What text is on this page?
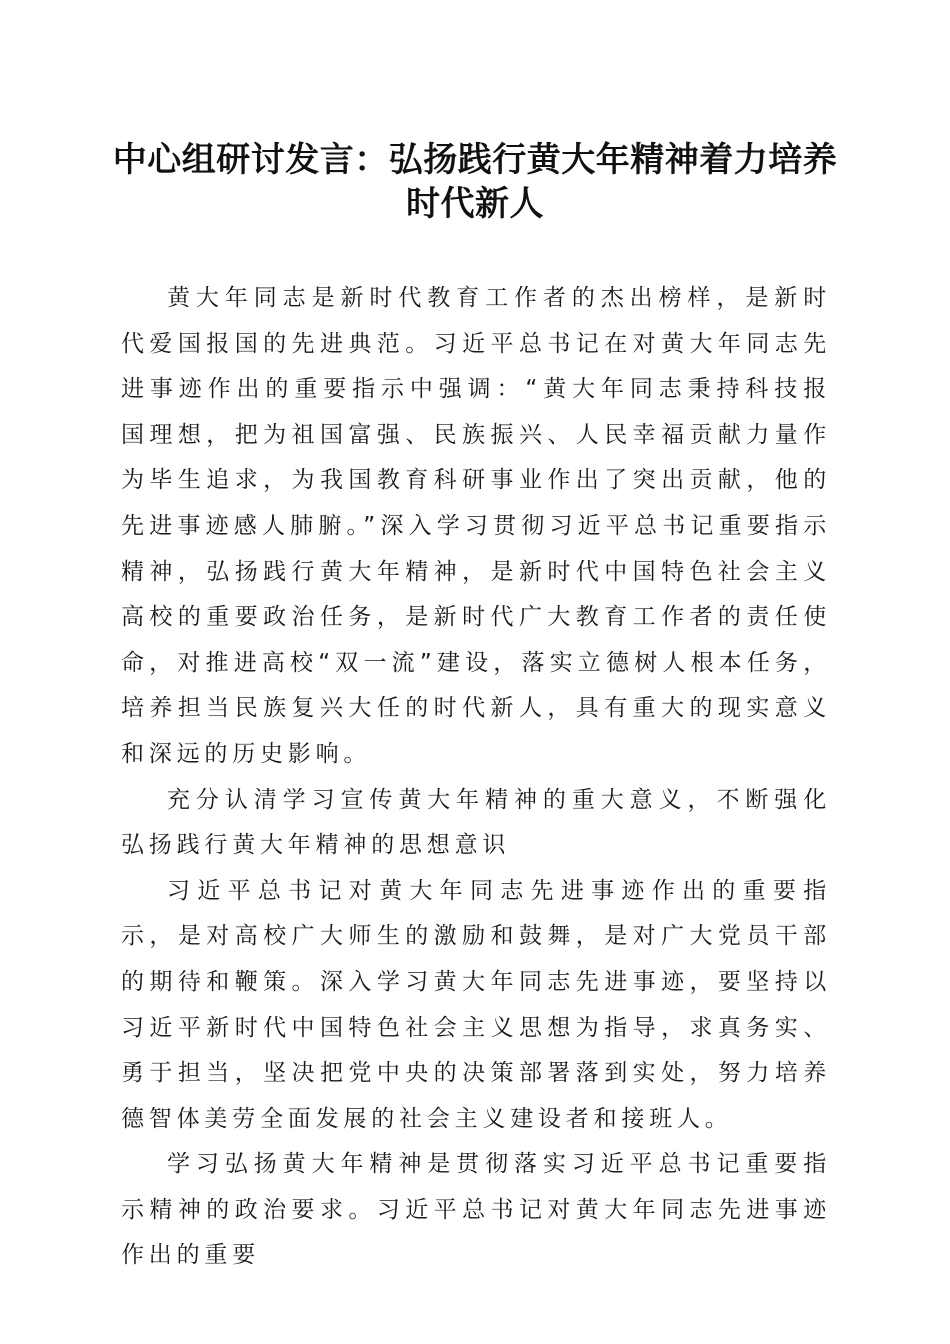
中心组研讨发言：弘扬践行黄大年精神着力培养时代新人

黄大年同志是新时代教育工作者的杰出榜样，是新时代爱国报国的先进典范。习近平总书记在对黄大年同志先进事迹作出的重要指示中强调：“黄大年同志秉持科技报国理想，把为祖国富强、民族振兴、人民幸福贡献力量作为毕生追求，为我国教育科研事业作出了突出贡献，他的先进事迹感人肺腑。”深入学习贯彻习近平总书记重要指示精神，弘扬践行黄大年精神，是新时代中国特色社会主义高校的重要政治任务，是新时代广大教育工作者的责任使命，对推进高校“双一流”建设，落实立德树人根本任务，培养担当民族复兴大任的时代新人，具有重大的现实意义和深远的历史影响。

充分认清学习宣传黄大年精神的重大意义，不断强化弘扬践行黄大年精神的思想意识

习近平总书记对黄大年同志先进事迹作出的重要指示，是对高校广大师生的激励和鼓舞，是对广大党员干部的期待和鞭策。深入学习黄大年同志先进事迹，要坚持以习近平新时代中国特色社会主义思想为指导，求真务实、勇于担当，坚决把党中央的决策部署落到实处，努力培养德智体美劳全面发展的社会主义建设者和接班人。

学习弘扬黄大年精神是贯彻落实习近平总书记重要指示精神的政治要求。习近平总书记对黄大年同志先进事迹作出的重要
